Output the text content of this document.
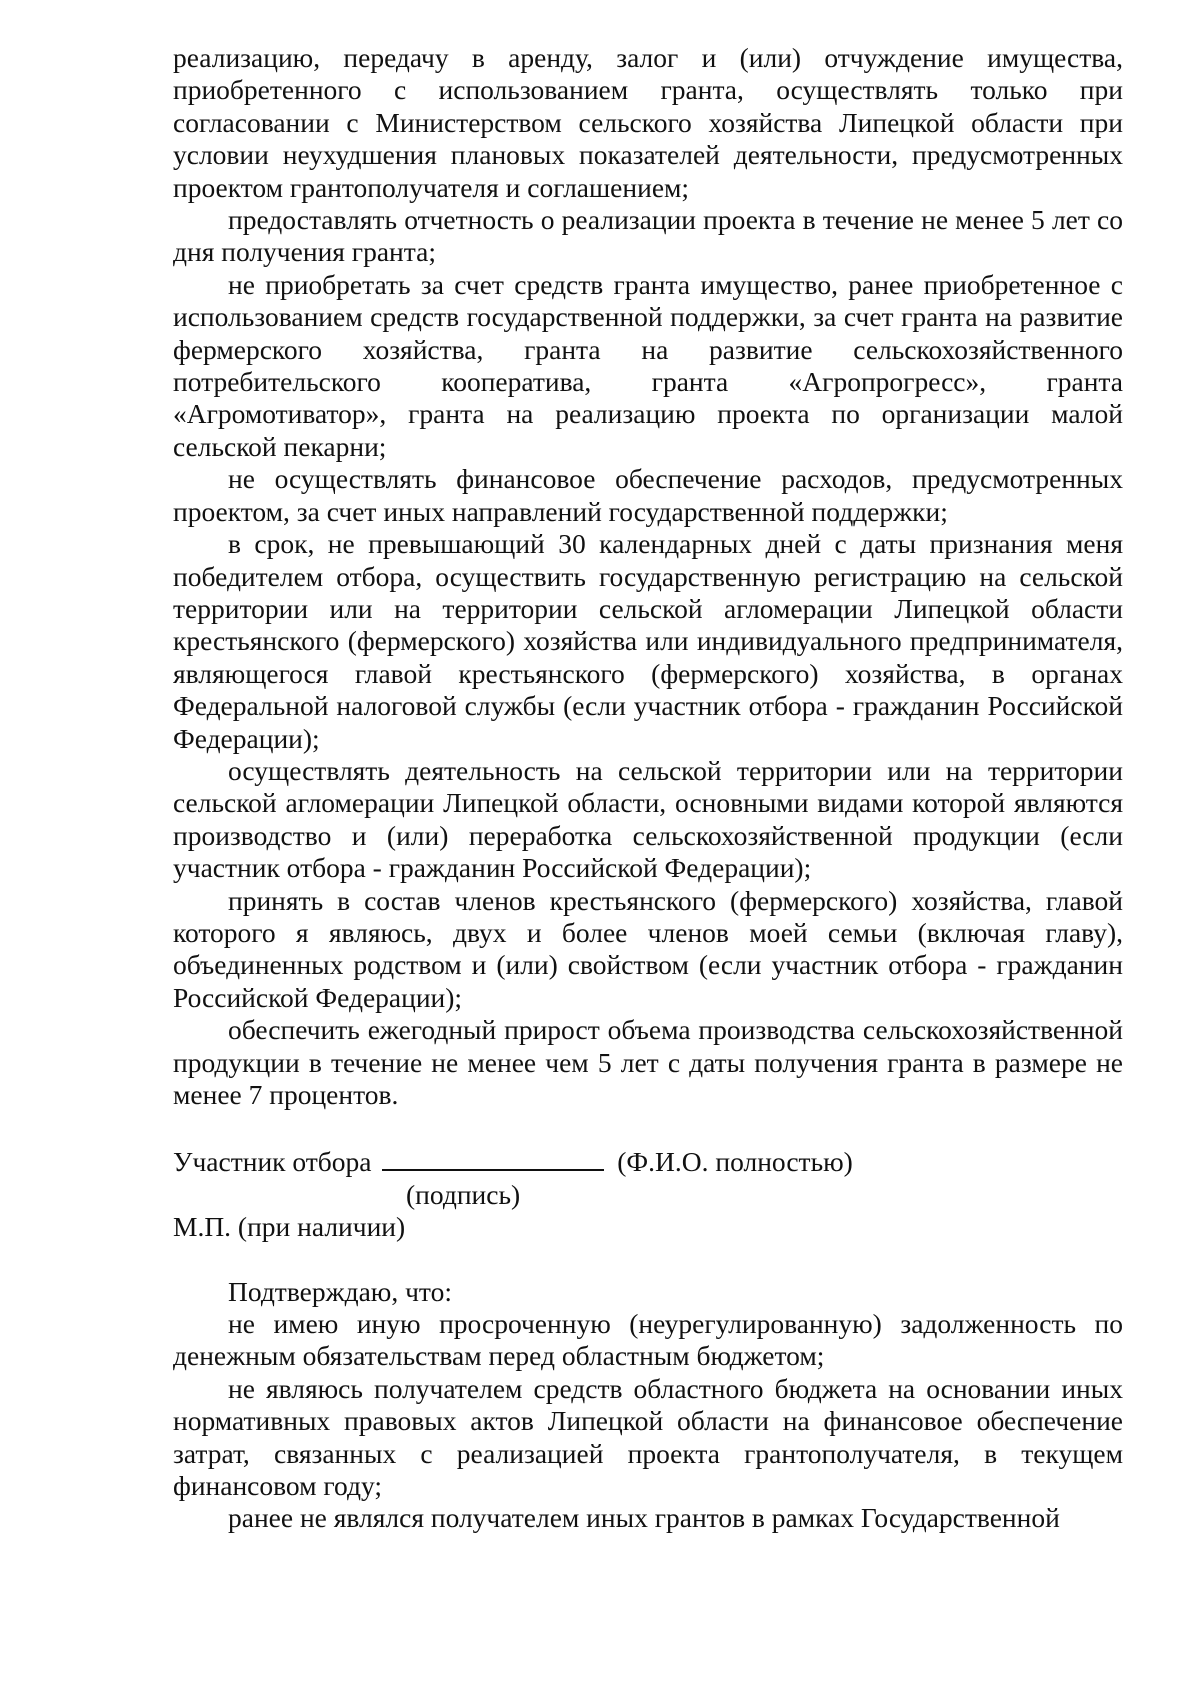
реализацию, передачу в аренду, залог и (или) отчуждение имущества, приобретенного с использованием гранта, осуществлять только при согласовании с Министерством сельского хозяйства Липецкой области при условии неухудшения плановых показателей деятельности, предусмотренных проектом грантополучателя и соглашением;

предоставлять отчетность о реализации проекта в течение не менее 5 лет со дня получения гранта;

не приобретать за счет средств гранта имущество, ранее приобретенное с использованием средств государственной поддержки, за счет гранта на развитие фермерского хозяйства, гранта на развитие сельскохозяйственного потребительского кооператива, гранта «Агропрогресс», гранта «Агромотиватор», гранта на реализацию проекта по организации малой сельской пекарни;

не осуществлять финансовое обеспечение расходов, предусмотренных проектом, за счет иных направлений государственной поддержки;

в срок, не превышающий 30 календарных дней с даты признания меня победителем отбора, осуществить государственную регистрацию на сельской территории или на территории сельской агломерации Липецкой области крестьянского (фермерского) хозяйства или индивидуального предпринимателя, являющегося главой крестьянского (фермерского) хозяйства, в органах Федеральной налоговой службы (если участник отбора - гражданин Российской Федерации);

осуществлять деятельность на сельской территории или на территории сельской агломерации Липецкой области, основными видами которой являются производство и (или) переработка сельскохозяйственной продукции (если участник отбора - гражданин Российской Федерации);

принять в состав членов крестьянского (фермерского) хозяйства, главой которого я являюсь, двух и более членов моей семьи (включая главу), объединенных родством и (или) свойством (если участник отбора - гражданин Российской Федерации);

обеспечить ежегодный прирост объема производства сельскохозяйственной продукции в течение не менее чем 5 лет с даты получения гранта в размере не менее 7 процентов.

Участник отбора	(Ф.И.О. полностью)

(подпись)

М.П. (при наличии)

Подтверждаю, что:

не имею иную просроченную (неурегулированную) задолженность по денежным обязательствам перед областным бюджетом;

не являюсь получателем средств областного бюджета на основании иных нормативных правовых актов Липецкой области на финансовое обеспечение затрат, связанных с реализацией проекта грантополучателя, в текущем финансовом году;

ранее не являлся получателем иных грантов в рамках Государственной
